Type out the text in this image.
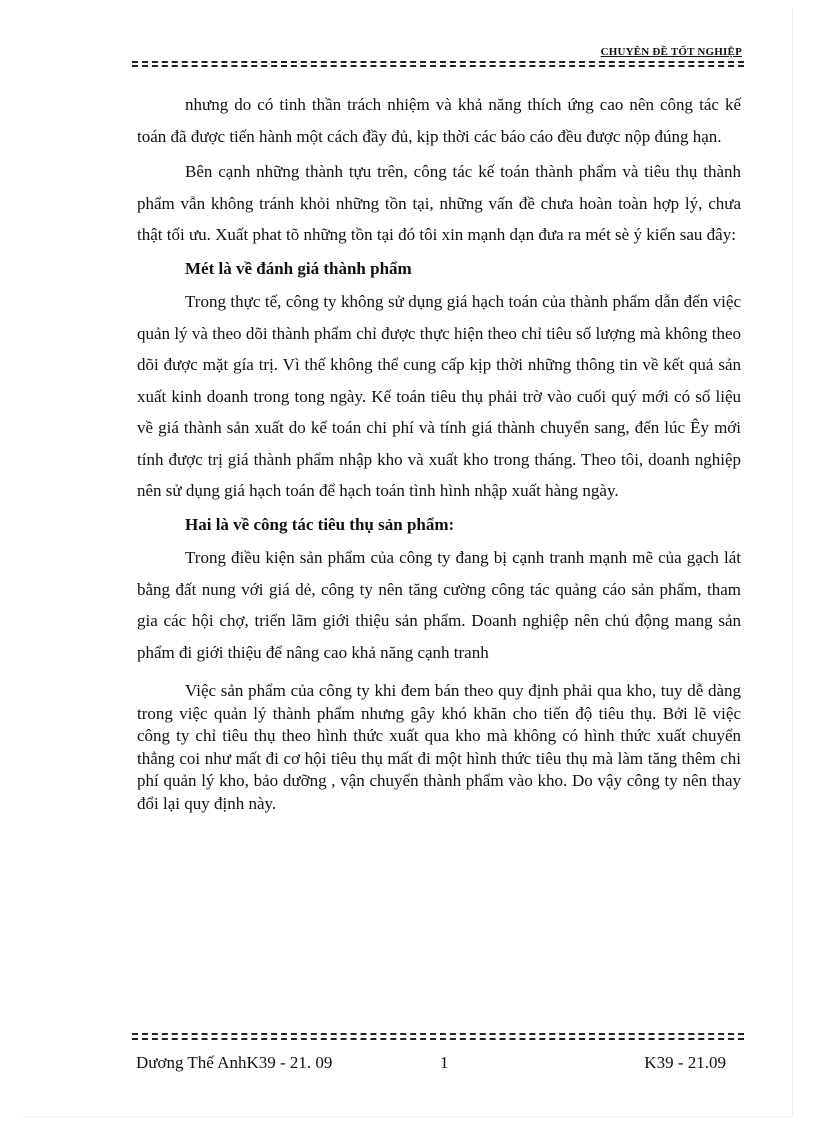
CHUYÊN ĐỀ TỐT NGHIỆP

nhưng do có tinh thần trách nhiệm và khả năng thích ứng cao nên công tác kế toán đã được tiến hành một cách đầy đủ, kịp thời các báo cáo đều được nộp đúng hạn.

Bên cạnh những thành tựu trên, công tác kế toán thành phẩm và tiêu thụ thành phẩm vẫn không tránh khỏi những tồn tại, những vấn đề chưa hoàn toàn hợp lý, chưa thật tối ưu. Xuất phat tõ những tồn tại đó tôi xin mạnh dạn đưa ra mét sè ý kiến sau đây:

Mét là về đánh giá thành phẩm

Trong thực tế, công ty không sử dụng giá hạch toán của thành phẩm dẫn đến việc quản lý và theo dõi thành phẩm chỉ được thực hiện theo chỉ tiêu số lượng mà không theo dõi được mặt gía trị. Vì thế không thể cung cấp kịp thời những thông tin về kết quả sản xuất kinh doanh trong tong ngày. Kế toán tiêu thụ phải trờ vào cuối quý mới có số liệu về giá thành sản xuất do kế toán chi phí và tính giá thành chuyển sang, đến lúc Êy mới tính được trị giá thành phẩm nhập kho và xuất kho trong tháng. Theo tôi, doanh nghiệp nên sử dụng giá hạch toán để hạch toán tình hình nhập xuất hàng ngày.

Hai là về công tác tiêu thụ sản phẩm:

Trong điều kiện sản phẩm của công ty đang bị cạnh tranh mạnh mẽ của gạch lát bằng đất nung với giá dẻ, công ty nên tăng cường công tác quảng cáo sản phẩm, tham gia các hội chợ, triển lãm giới thiệu sản phẩm. Doanh nghiệp nên chủ động mang sản phẩm đi giới thiệu để nâng cao khả năng cạnh tranh

Việc sản phẩm của công ty khi đem bán theo quy định phải qua kho, tuy dễ dàng trong việc quản lý thành phẩm nhưng gây khó khăn cho tiến độ tiêu thụ. Bởi lẽ việc công ty chỉ tiêu thụ theo hình thức xuất qua kho mà không có hình thức xuất chuyển thẳng coi như mất đi cơ hội tiêu thụ mất đi một hình thức tiêu thụ mà làm tăng thêm chi phí quản lý kho, bảo dưỡng , vận chuyển thành phẩm vào kho. Do vậy công ty nên thay đổi lại quy định này.

Dương Thế AnhK39 - 21. 09	1	K39 - 21.09
